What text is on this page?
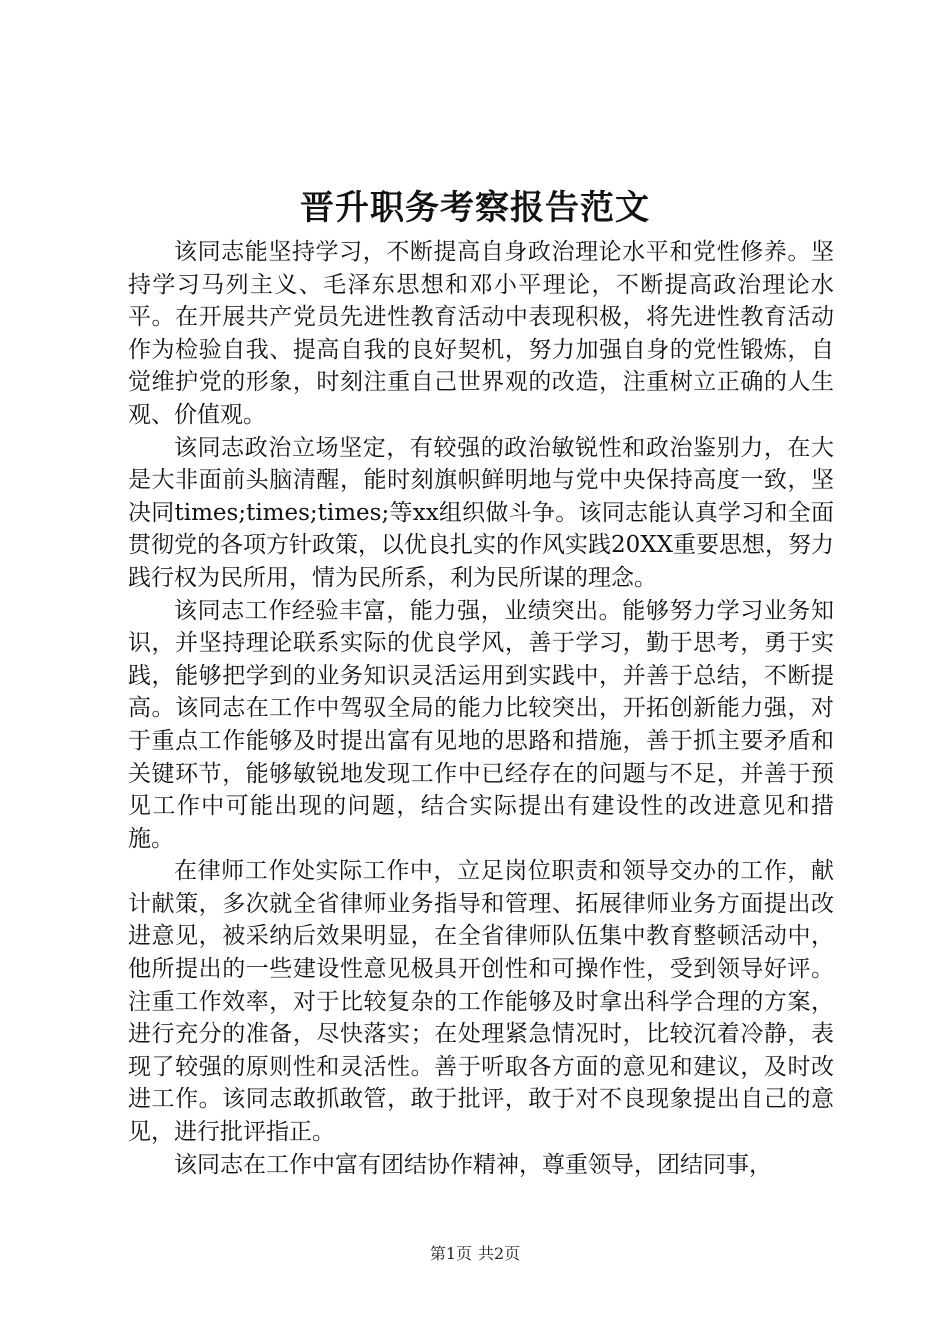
晋升职务考察报告范文

该同志能坚持学习，不断提高自身政治理论水平和党性修养。坚持学习马列主义、毛泽东思想和邓小平理论，不断提高政治理论水平。在开展共产党员先进性教育活动中表现积极，将先进性教育活动作为检验自我、提高自我的良好契机，努力加强自身的党性锻炼，自觉维护党的形象，时刻注重自己世界观的改造，注重树立正确的人生观、价值观。

该同志政治立场坚定，有较强的政治敏锐性和政治鉴别力，在大是大非面前头脑清醒，能时刻旗帜鲜明地与党中央保持高度一致，坚决同times;times;times;等xx组织做斗争。该同志能认真学习和全面贯彻党的各项方针政策，以优良扎实的作风实践20XX重要思想，努力践行权为民所用，情为民所系，利为民所谋的理念。

该同志工作经验丰富，能力强，业绩突出。能够努力学习业务知识，并坚持理论联系实际的优良学风，善于学习，勤于思考，勇于实践，能够把学到的业务知识灵活运用到实践中，并善于总结，不断提高。该同志在工作中驾驭全局的能力比较突出，开拓创新能力强，对于重点工作能够及时提出富有见地的思路和措施，善于抓主要矛盾和关键环节，能够敏锐地发现工作中已经存在的问题与不足，并善于预见工作中可能出现的问题，结合实际提出有建设性的改进意见和措施。

在律师工作处实际工作中，立足岗位职责和领导交办的工作，献计献策，多次就全省律师业务指导和管理、拓展律师业务方面提出改进意见，被采纳后效果明显，在全省律师队伍集中教育整顿活动中，他所提出的一些建设性意见极具开创性和可操作性，受到领导好评。注重工作效率，对于比较复杂的工作能够及时拿出科学合理的方案，进行充分的准备，尽快落实；在处理紧急情况时，比较沉着冷静，表现了较强的原则性和灵活性。善于听取各方面的意见和建议，及时改进工作。该同志敢抓敢管，敢于批评，敢于对不良现象提出自己的意见，进行批评指正。

该同志在工作中富有团结协作精神，尊重领导，团结同事，

第1页 共2页
